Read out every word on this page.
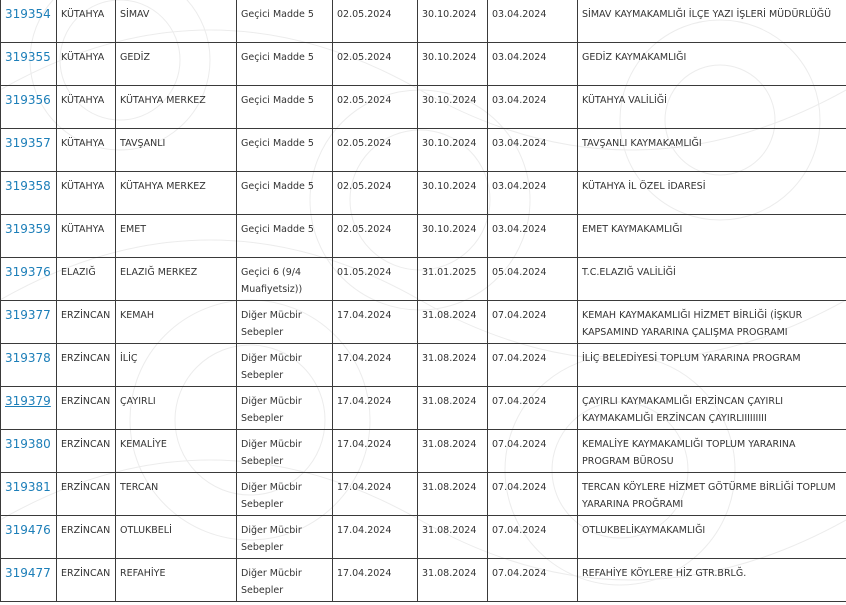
319354	KÜTAHYA	SİMAV	Geçici Madde 5	02.05.2024	30.10.2024	03.04.2024	SİMAV KAYMAKAMLIĞI İLÇE YAZI İŞLERİ MÜDÜRLÜĞÜ
319355	KÜTAHYA	GEDİZ	Geçici Madde 5	02.05.2024	30.10.2024	03.04.2024	GEDİZ KAYMAKAMLIĞI
319356	KÜTAHYA	KÜTAHYA MERKEZ	Geçici Madde 5	02.05.2024	30.10.2024	03.04.2024	KÜTAHYA VALİLİĞİ
319357	KÜTAHYA	TAVŞANLI	Geçici Madde 5	02.05.2024	30.10.2024	03.04.2024	TAVŞANLI KAYMAKAMLIĞI
319358	KÜTAHYA	KÜTAHYA MERKEZ	Geçici Madde 5	02.05.2024	30.10.2024	03.04.2024	KÜTAHYA İL ÖZEL İDARESİ
319359	KÜTAHYA	EMET	Geçici Madde 5	02.05.2024	30.10.2024	03.04.2024	EMET KAYMAKAMLIĞI
319376	ELAZIĞ	ELAZIĞ MERKEZ	Geçici 6 (9/4 Muafiyetsiz))	01.05.2024	31.01.2025	05.04.2024	T.C.ELAZIĞ VALİLİĞİ
319377	ERZİNCAN	KEMAH	Diğer Mücbir Sebepler	17.04.2024	31.08.2024	07.04.2024	KEMAH KAYMAKAMLIĞI HİZMET BİRLİĞİ (İŞKUR KAPSAMIND YARARINA ÇALIŞMA PROGRAMI
319378	ERZİNCAN	İLİÇ	Diğer Mücbir Sebepler	17.04.2024	31.08.2024	07.04.2024	İLİÇ BELEDİYESİ TOPLUM YARARINA PROGRAM
319379	ERZİNCAN	ÇAYIRLI	Diğer Mücbir Sebepler	17.04.2024	31.08.2024	07.04.2024	ÇAYIRLI KAYMAKAMLIĞI ERZİNCAN ÇAYIRLI KAYMAKAMLIĞI ERZİNCAN ÇAYIRLIIIIIIIII
319380	ERZİNCAN	KEMALİYE	Diğer Mücbir Sebepler	17.04.2024	31.08.2024	07.04.2024	KEMALİYE KAYMAKAMLIĞI TOPLUM YARARINA PROGRAM BÜROSU
319381	ERZİNCAN	TERCAN	Diğer Mücbir Sebepler	17.04.2024	31.08.2024	07.04.2024	TERCAN KÖYLERE HİZMET GÖTÜRME BİRLİĞİ TOPLUM YARARINA PROĞRAMI
319476	ERZİNCAN	OTLUKBELİ	Diğer Mücbir Sebepler	17.04.2024	31.08.2024	07.04.2024	OTLUKBELİKAYMAKAMLIĞI
319477	ERZİNCAN	REFAHİYE	Diğer Mücbir Sebepler	17.04.2024	31.08.2024	07.04.2024	REFAHİYE KÖYLERE HİZ GTR.BRLĞ.
